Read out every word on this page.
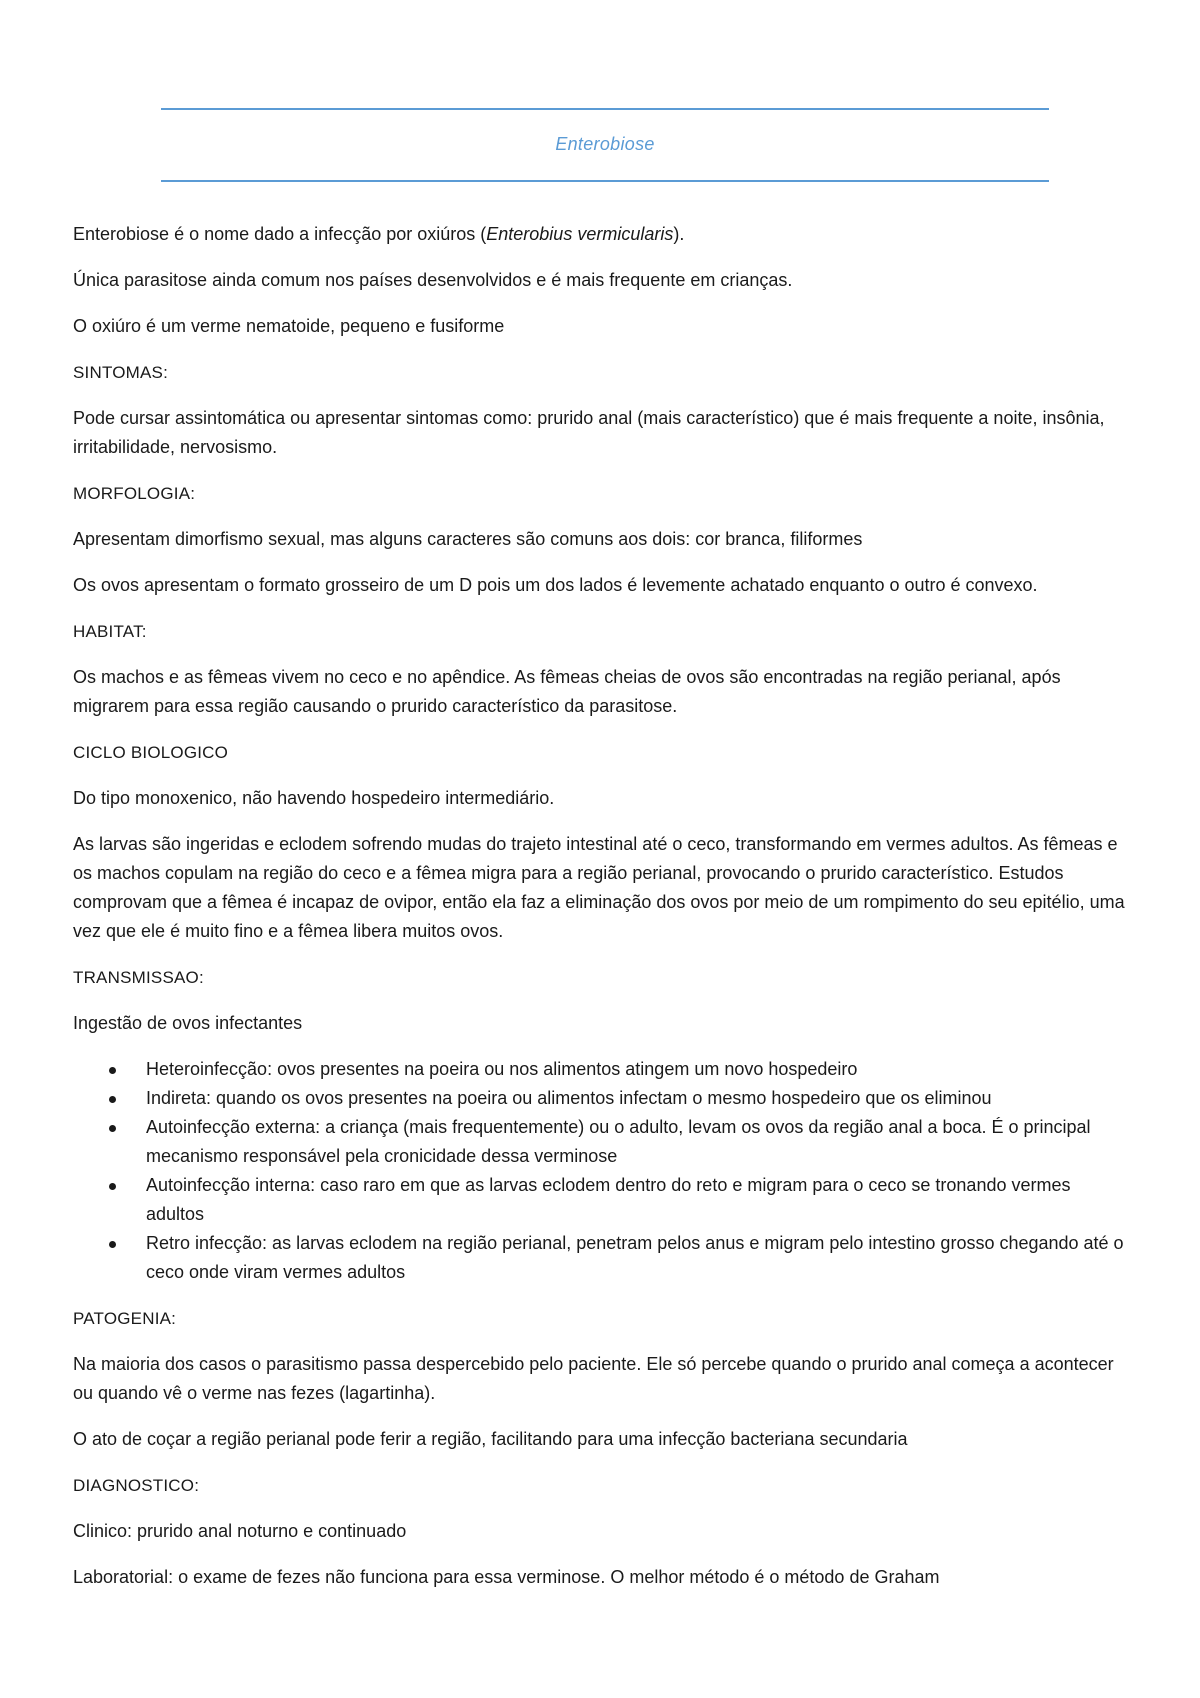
Enterobiose

Enterobiose é o nome dado a infecção por oxiúros (Enterobius vermicularis).

Única parasitose ainda comum nos países desenvolvidos e é mais frequente em crianças.

O oxiúro é um verme nematoide, pequeno e fusiforme

SINTOMAS:

Pode cursar assintomática ou apresentar sintomas como: prurido anal (mais característico) que é mais frequente a noite, insônia, irritabilidade, nervosismo.

MORFOLOGIA:

Apresentam dimorfismo sexual, mas alguns caracteres são comuns aos dois: cor branca, filiformes

Os ovos apresentam o formato grosseiro de um D pois um dos lados é levemente achatado enquanto o outro é convexo.

HABITAT:

Os machos e as fêmeas vivem no ceco e no apêndice. As fêmeas cheias de ovos são encontradas na região perianal, após migrarem para essa região causando o prurido característico da parasitose.

CICLO BIOLOGICO

Do tipo monoxenico, não havendo hospedeiro intermediário.

As larvas são ingeridas e eclodem sofrendo mudas do trajeto intestinal até o ceco, transformando em vermes adultos. As fêmeas e os machos copulam na região do ceco e a fêmea migra para a região perianal, provocando o prurido característico. Estudos comprovam que a fêmea é incapaz de ovipor, então ela faz a eliminação dos ovos por meio de um rompimento do seu epitélio, uma vez que ele é muito fino e a fêmea libera muitos ovos.

TRANSMISSAO:

Ingestão de ovos infectantes

Heteroinfecção: ovos presentes na poeira ou nos alimentos atingem um novo hospedeiro
Indireta: quando os ovos presentes na poeira ou alimentos infectam o mesmo hospedeiro que os eliminou
Autoinfecção externa: a criança (mais frequentemente) ou o adulto, levam os ovos da região anal a boca. É o principal mecanismo responsável pela cronicidade dessa verminose
Autoinfecção interna: caso raro em que as larvas eclodem dentro do reto e migram para o ceco se tronando vermes adultos
Retro infecção: as larvas eclodem na região perianal, penetram pelos anus e migram pelo intestino grosso chegando até o ceco onde viram vermes adultos

PATOGENIA:

Na maioria dos casos o parasitismo passa despercebido pelo paciente. Ele só percebe quando o prurido anal começa a acontecer ou quando vê o verme nas fezes (lagartinha).

O ato de coçar a região perianal pode ferir a região, facilitando para uma infecção bacteriana secundaria

DIAGNOSTICO:

Clinico: prurido anal noturno e continuado

Laboratorial: o exame de fezes não funciona para essa verminose. O melhor método é o método de Graham
